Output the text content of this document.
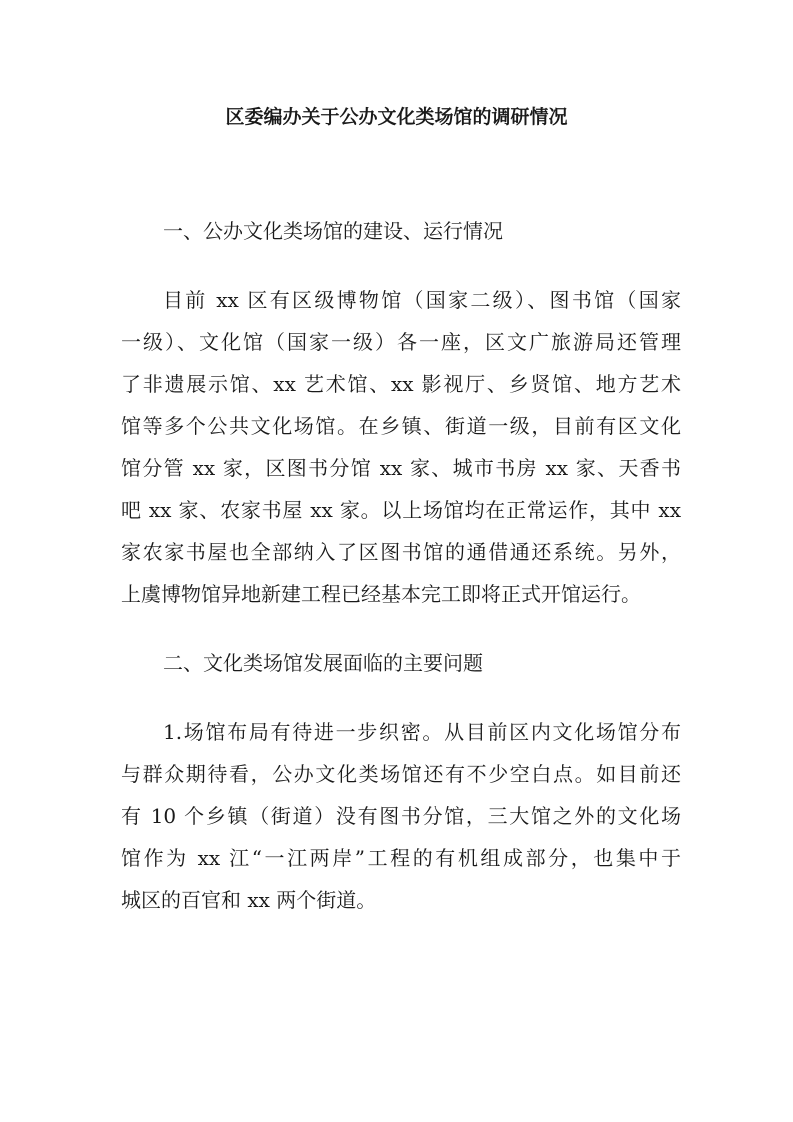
区委编办关于公办文化类场馆的调研情况
一、公办文化类场馆的建设、运行情况
目前 xx 区有区级博物馆（国家二级）、图书馆（国家
一级）、文化馆（国家一级）各一座，区文广旅游局还管理
了非遗展示馆、xx 艺术馆、xx 影视厅、乡贤馆、地方艺术
馆等多个公共文化场馆。在乡镇、街道一级，目前有区文化
馆分管 xx 家，区图书分馆 xx 家、城市书房 xx 家、天香书
吧 xx 家、农家书屋 xx 家。以上场馆均在正常运作，其中 xx
家农家书屋也全部纳入了区图书馆的通借通还系统。另外，
上虞博物馆异地新建工程已经基本完工即将正式开馆运行。
二、文化类场馆发展面临的主要问题
1.场馆布局有待进一步织密。从目前区内文化场馆分布
与群众期待看，公办文化类场馆还有不少空白点。如目前还
有 10 个乡镇（街道）没有图书分馆，三大馆之外的文化场
馆作为 xx 江“一江两岸”工程的有机组成部分，也集中于
城区的百官和 xx 两个街道。
